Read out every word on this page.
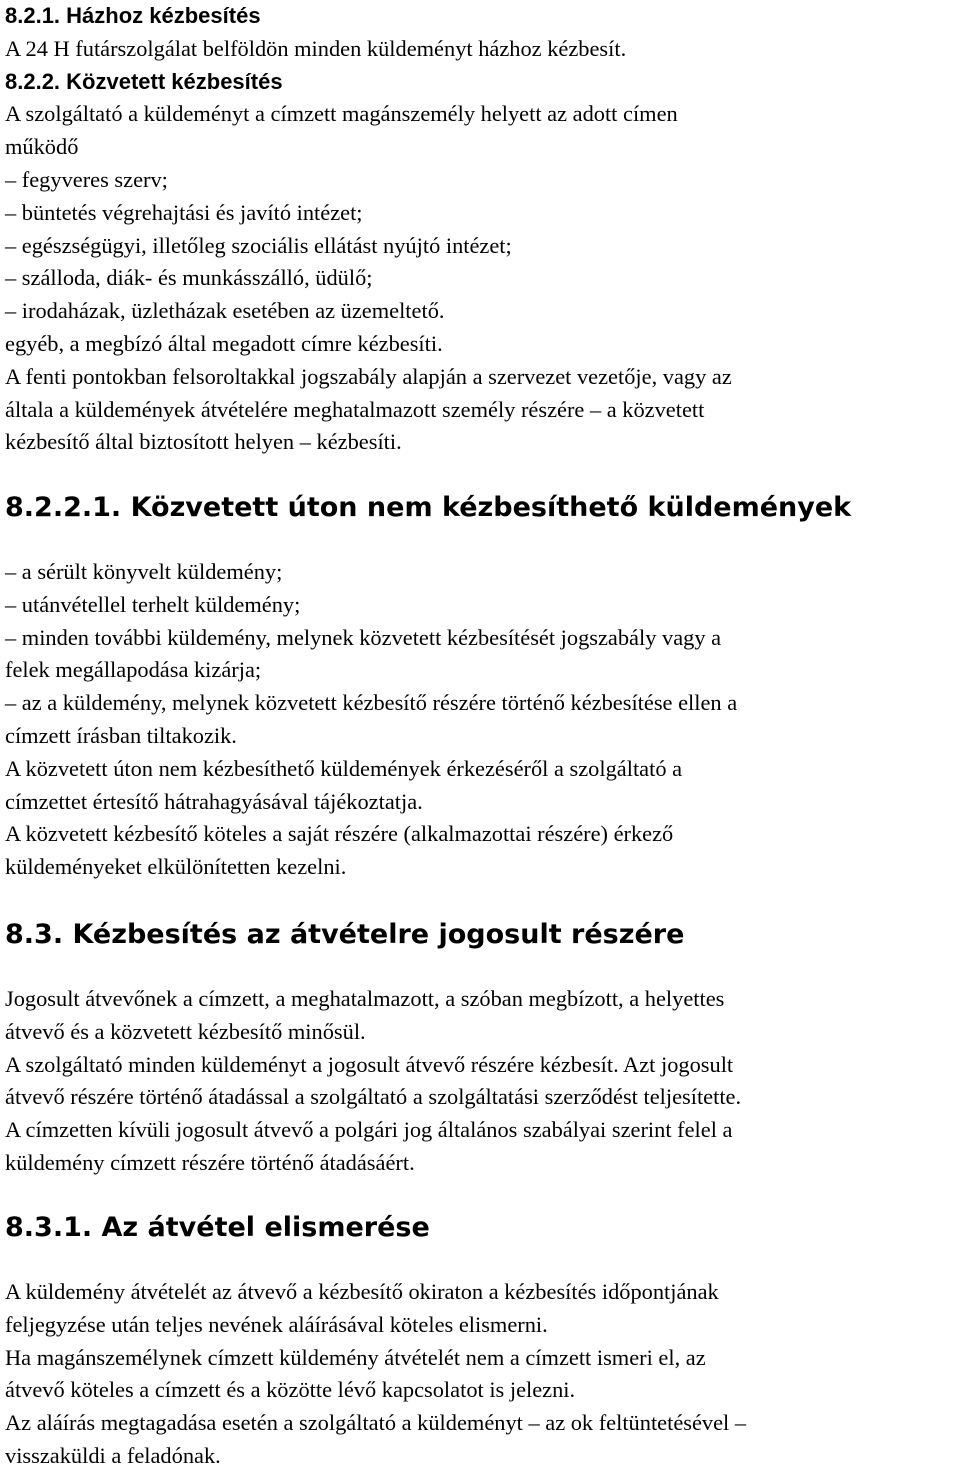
8.2.1. Házhoz kézbesítés
A 24 H futárszolgálat belföldön minden küldeményt házhoz kézbesít.
8.2.2. Közvetett kézbesítés
A szolgáltató a küldeményt a címzett magánszemély helyett az adott címen
működő
– fegyveres szerv;
– büntetés végrehajtási és javító intézet;
– egészségügyi, illetőleg szociális ellátást nyújtó intézet;
– szálloda, diák- és munkásszálló, üdülő;
– irodaházak, üzletházak esetében az üzemeltető.
egyéb, a megbízó által megadott címre kézbesíti.
A fenti pontokban felsoroltakkal jogszabály alapján a szervezet vezetője, vagy az
általa a küldemények átvételére meghatalmazott személy részére – a közvetett
kézbesítő által biztosított helyen – kézbesíti.
8.2.2.1. Közvetett úton nem kézbesíthető küldemények
– a sérült könyvelt küldemény;
– utánvétellel terhelt küldemény;
– minden további küldemény, melynek közvetett kézbesítését jogszabály vagy a
felek megállapodása kizárja;
– az a küldemény, melynek közvetett kézbesítő részére történő kézbesítése ellen a
címzett írásban tiltakozik.
A közvetett úton nem kézbesíthető küldemények érkezéséről a szolgáltató a
címzettet értesítő hátrahagyásával tájékoztatja.
A közvetett kézbesítő köteles a saját részére (alkalmazottai részére) érkező
küldeményeket elkülönítetten kezelni.
8.3. Kézbesítés az átvételre jogosult részére
Jogosult átvevőnek a címzett, a meghatalmazott, a szóban megbízott, a helyettes
átvevő és a közvetett kézbesítő minősül.
A szolgáltató minden küldeményt a jogosult átvevő részére kézbesít. Azt jogosult
átvevő részére történő átadással a szolgáltató a szolgáltatási szerződést teljesítette.
A címzetten kívüli jogosult átvevő a polgári jog általános szabályai szerint felel a
küldemény címzett részére történő átadásáért.
8.3.1. Az átvétel elismerése
A küldemény átvételét az átvevő a kézbesítő okiraton a kézbesítés időpontjának
feljegyzése után teljes nevének aláírásával köteles elismerni.
Ha magánszemélynek címzett küldemény átvételét nem a címzett ismeri el, az
átvevő köteles a címzett és a közötte lévő kapcsolatot is jelezni.
Az aláírás megtagadása esetén a szolgáltató a küldeményt – az ok feltüntetésével –
visszaküldi a feladónak.
